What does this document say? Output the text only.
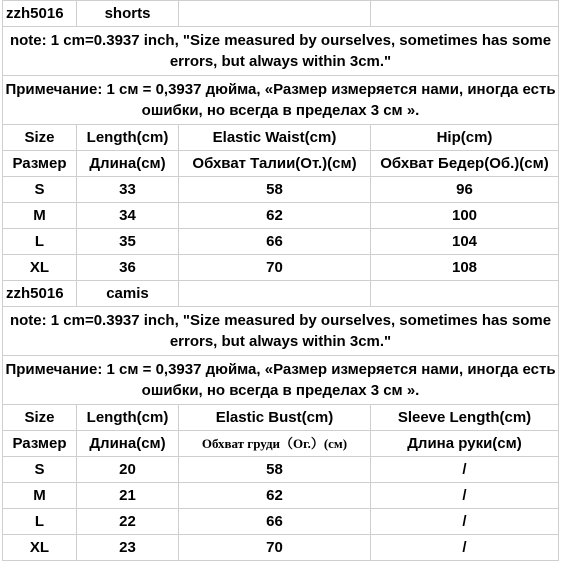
zzh5016	shorts		
note: 1 cm=0.3937 inch, "Size measured by ourselves, sometimes has some errors, but always within 3cm."			
Примечание: 1 см = 0,3937 дюйма, «Размер измеряется нами, иногда есть ошибки, но всегда в пределах 3 см ».			
Size	Length(cm)	Elastic Waist(cm)	Hip(cm)
Размер	Длина(см)	Обхват Талии(От.)(см)	Обхват Бедер(Об.)(см)
S	33	58	96
M	34	62	100
L	35	66	104
XL	36	70	108
zzh5016	camis		
note: 1 cm=0.3937 inch, "Size measured by ourselves, sometimes has some errors, but always within 3cm."			
Примечание: 1 см = 0,3937 дюйма, «Размер измеряется нами, иногда есть ошибки, но всегда в пределах 3 см ».			
Size	Length(cm)	Elastic Bust(cm)	Sleeve Length(cm)
Размер	Длина(см)	Обхват груди（Ог.）(см)	Длина руки(см)
S	20	58	/
M	21	62	/
L	22	66	/
XL	23	70	/
